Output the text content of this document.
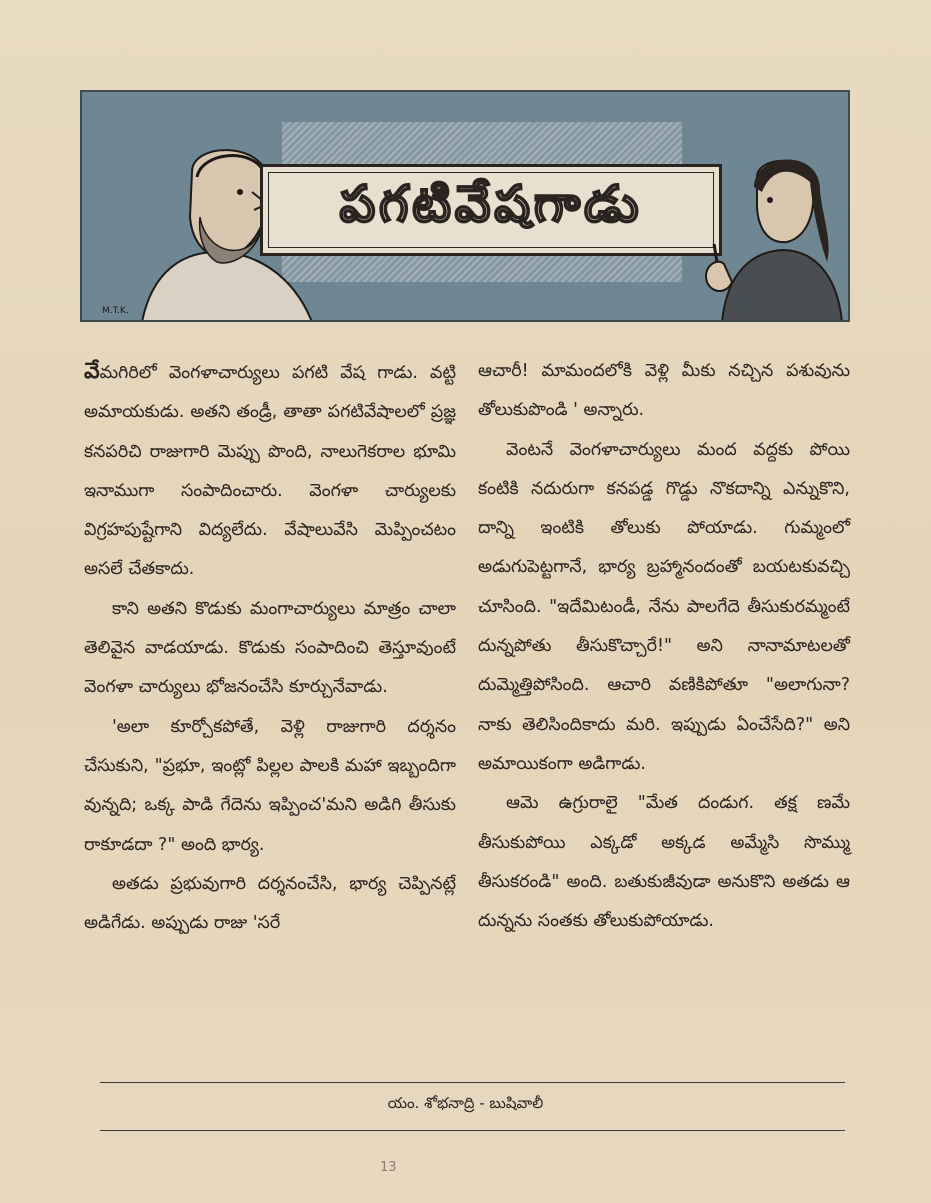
పగటివేషగాడు
M.T.K.

వేమగిరిలో వెంగళాచార్యులు పగటి వేష గాడు. వట్టి అమాయకుడు. అతని తండ్రీ, తాతా పగటివేషాలలో ప్రజ్ఞ కనపరిచి రాజుగారి మెప్పు పొంది, నాలుగెకరాల భూమి ఇనాముగా సంపాదించారు. వెంగళా చార్యులకు విగ్రహపుష్టేగాని విద్యలేదు. వేషాలువేసి మెప్పించటం అసలే చేతకాదు.

కాని అతని కొడుకు మంగాచార్యులు మాత్రం చాలా తెలివైన వాడయాడు. కొడుకు సంపాదించి తెస్తూవుంటే వెంగళా చార్యులు భోజనంచేసి కూర్చునేవాడు.

'అలా కూర్చోకపోతే, వెళ్లి రాజుగారి దర్శనం చేసుకుని, "ప్రభూ, ఇంట్లో పిల్లల పాలకి మహా ఇబ్బందిగా వున్నది; ఒక్క పాడి గేదెను ఇప్పించ'మని అడిగి తీసుకు రాకూడదా ?" అంది భార్య.

అతడు ప్రభువుగారి దర్శనంచేసి, భార్య చెప్పినట్లే అడిగేడు. అప్పుడు రాజు 'సరే

ఆచారీ! మామందలోకి వెళ్లి మీకు నచ్చిన పశువును తోలుకుపొండి ' అన్నారు.

వెంటనే వెంగళాచార్యులు మంద వద్దకు పోయి కంటికి నదురుగా కనపడ్డ గొడ్డు నొకదాన్ని ఎన్నుకొని, దాన్ని ఇంటికి తోలుకు పోయాడు. గుమ్మంలో అడుగుపెట్టగానే, భార్య బ్రహ్మానందంతో బయటకువచ్చి చూసింది. "ఇదేమిటండీ, నేను పాలగేదె తీసుకురమ్మంటే దున్నపోతు తీసుకొచ్చారే!" అని నానామాటలతో దుమ్మెత్తిపోసింది. ఆచారి వణికిపోతూ "అలాగునా? నాకు తెలిసిందికాదు మరి. ఇప్పుడు ఏంచేసేది?" అని అమాయికంగా అడిగాడు.

ఆమె ఉగ్రురాలై "మేత దండుగ. తక్ష ణమే తీసుకుపోయి ఎక్కడో అక్కడ అమ్మేసి సొమ్ము తీసుకరండి" అంది. బతుకుజీవుడా అనుకొని అతడు ఆ దున్నను సంతకు తోలుకుపోయాడు.

యం. శోభనాద్రి - బుషివాలీ
13
